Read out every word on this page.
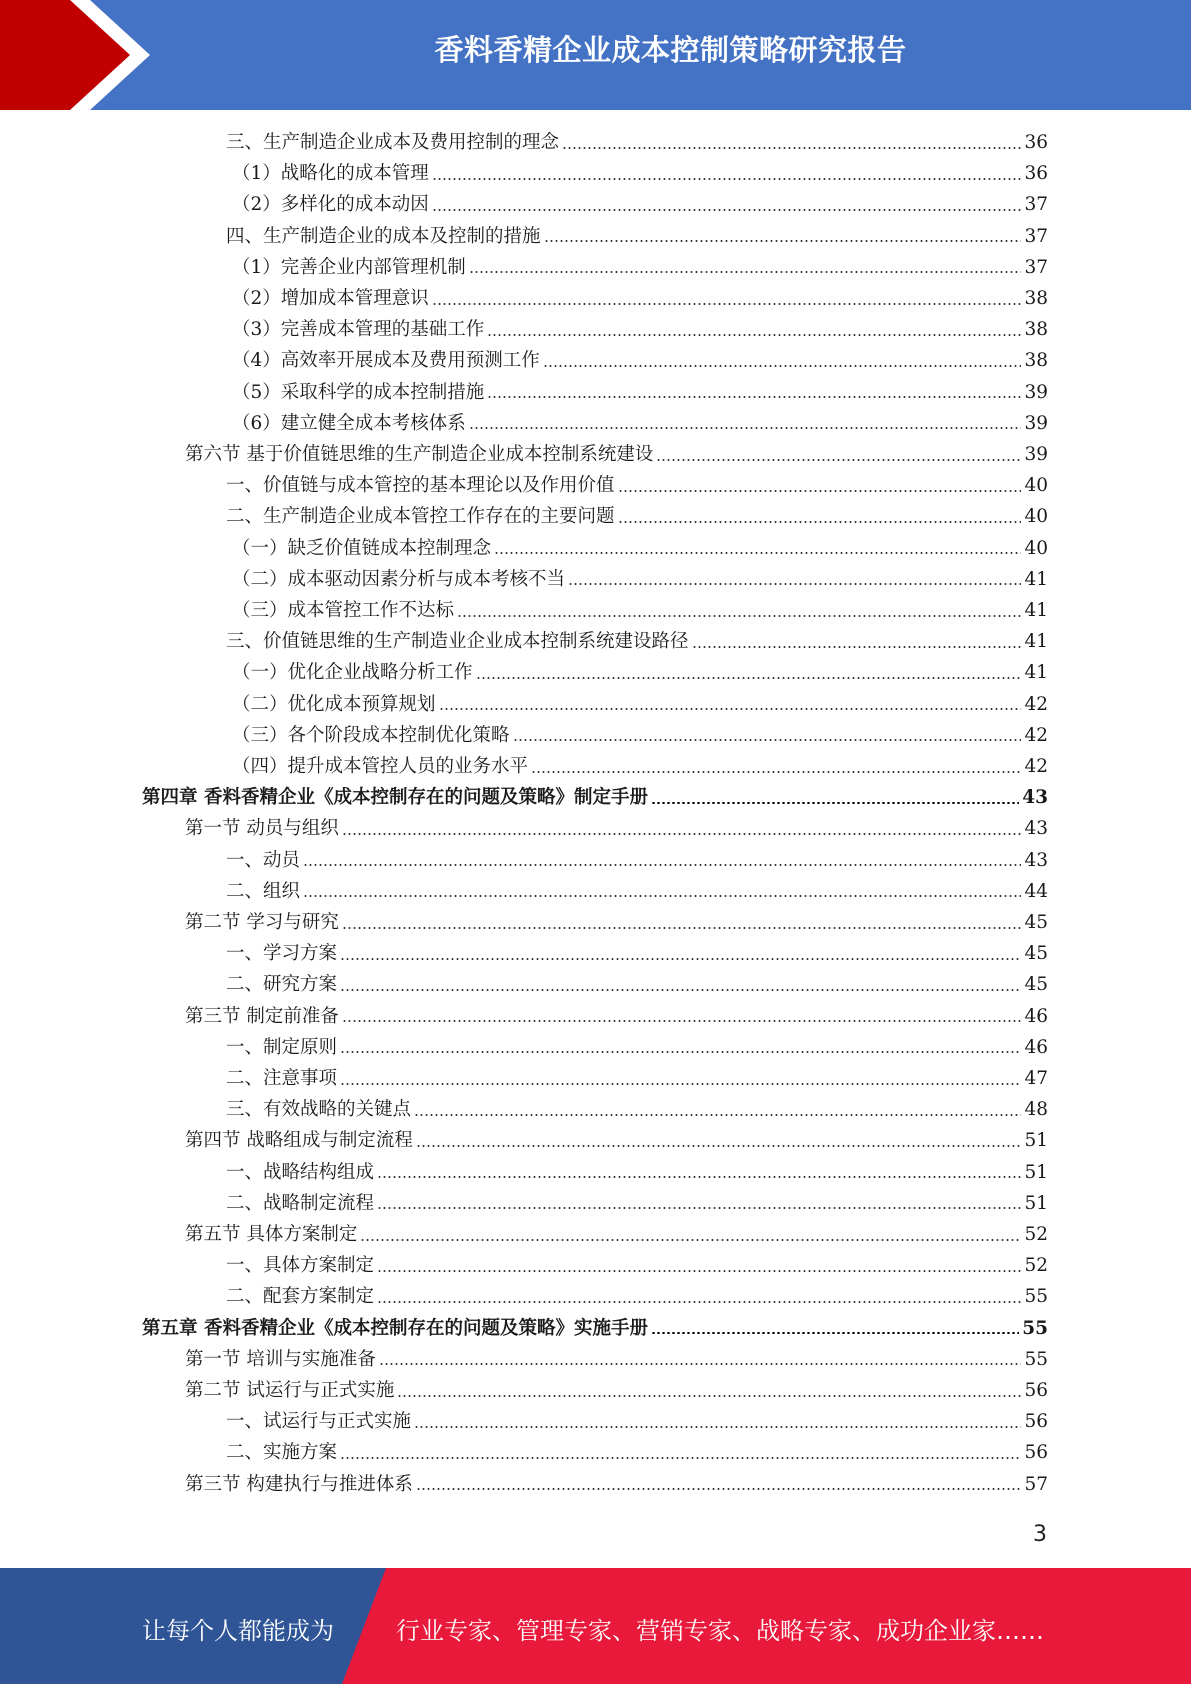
香料香精企业成本控制策略研究报告
三、生产制造企业成本及费用控制的理念	36
（1）战略化的成本管理	36
（2）多样化的成本动因	37
四、生产制造企业的成本及控制的措施	37
（1）完善企业内部管理机制	37
（2）增加成本管理意识	38
（3）完善成本管理的基础工作	38
（4）高效率开展成本及费用预测工作	38
（5）采取科学的成本控制措施	39
（6）建立健全成本考核体系	39
第六节 基于价值链思维的生产制造企业成本控制系统建设	39
一、价值链与成本管控的基本理论以及作用价值	40
二、生产制造企业成本管控工作存在的主要问题	40
（一）缺乏价值链成本控制理念	40
（二）成本驱动因素分析与成本考核不当	41
（三）成本管控工作不达标	41
三、价值链思维的生产制造业企业成本控制系统建设路径	41
（一）优化企业战略分析工作	41
（二）优化成本预算规划	42
（三）各个阶段成本控制优化策略	42
（四）提升成本管控人员的业务水平	42
第四章 香料香精企业《成本控制存在的问题及策略》制定手册	43
第一节 动员与组织	43
一、动员	43
二、组织	44
第二节 学习与研究	45
一、学习方案	45
二、研究方案	45
第三节 制定前准备	46
一、制定原则	46
二、注意事项	47
三、有效战略的关键点	48
第四节 战略组成与制定流程	51
一、战略结构组成	51
二、战略制定流程	51
第五节 具体方案制定	52
一、具体方案制定	52
二、配套方案制定	55
第五章 香料香精企业《成本控制存在的问题及策略》实施手册	55
第一节 培训与实施准备	55
第二节 试运行与正式实施	56
一、试运行与正式实施	56
二、实施方案	56
第三节 构建执行与推进体系	57
3
让每个人都能成为	行业专家、管理专家、营销专家、战略专家、成功企业家……
